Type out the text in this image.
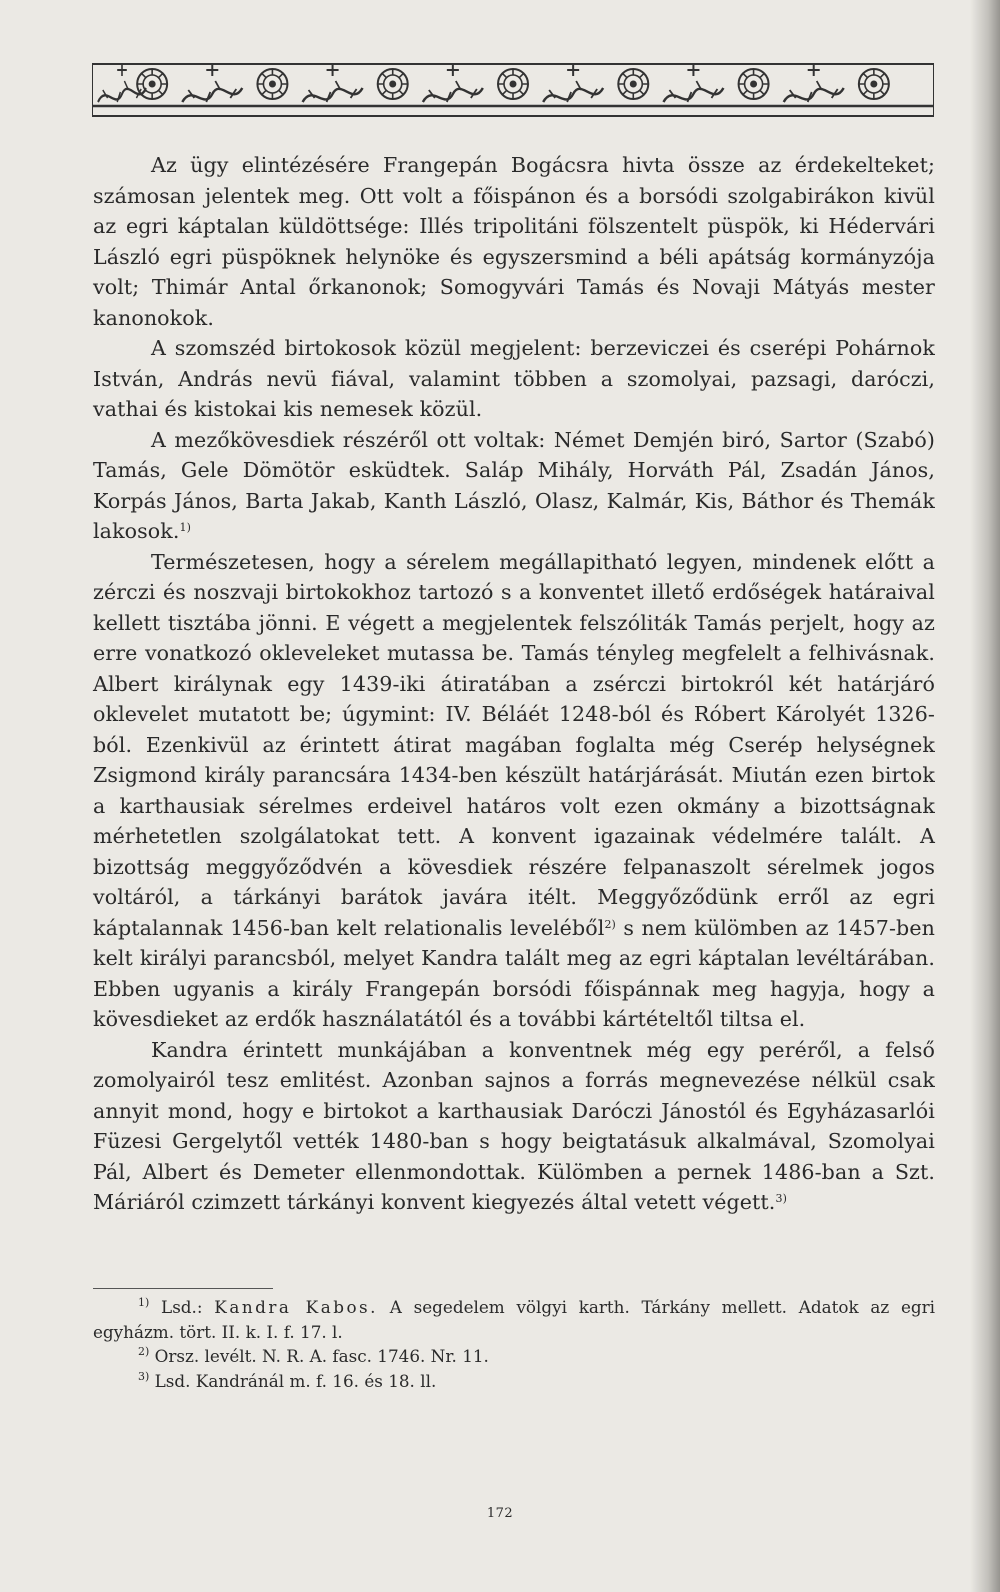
Az ügy elintézésére Frangepán Bogácsra hivta össze az érdekelteket; számosan jelentek meg. Ott volt a főispánon és a borsódi szolgabirákon kivül az egri káptalan küldöttsége: Illés tripolitáni fölszentelt püspök, ki Hédervári László egri püspöknek helynöke és egyszersmind a béli apátság kormányzója volt; Thimár Antal őrkanonok; Somogyvári Tamás és Novaji Mátyás mester kanonokok.

A szomszéd birtokosok közül megjelent: berzeviczei és cserépi Pohárnok István, András nevü fiával, valamint többen a szomolyai, pazsagi, daróczi, vathai és kistokai kis nemesek közül.

A mezőkövesdiek részéről ott voltak: Német Demjén biró, Sartor (Szabó) Tamás, Gele Dömötör esküdtek. Saláp Mihály, Horváth Pál, Zsadán János, Korpás János, Barta Jakab, Kanth László, Olasz, Kalmár, Kis, Báthor és Themák lakosok.$^{1)}$

Természetesen, hogy a sérelem megállapitható legyen, mindenek előtt a zérczi és noszvaji birtokokhoz tartozó s a konventet illető erdőségek határaival kellett tisztába jönni. E végett a megjelentek felszóliták Tamás perjelt, hogy az erre vonatkozó okleveleket mutassa be. Tamás tényleg megfelelt a felhivásnak. Albert királynak egy 1439-iki átiratában a zsérczi birtokról két határjáró oklevelet mutatott be; úgymint: IV. Béláét 1248-ból és Róbert Károlyét 1326-ból. Ezenkivül az érintett átirat magában foglalta még Cserép helységnek Zsigmond király parancsára 1434-ben készült határjárását. Miután ezen birtok a karthausiak sérelmes erdeivel határos volt ezen okmány a bizottságnak mérhetetlen szolgálatokat tett. A konvent igazainak védelmére talált. A bizottság meggyőződvén a kövesdiek részére felpanaszolt sérelmek jogos voltáról, a tárkányi barátok javára itélt. Meggyőződünk erről az egri káptalannak 1456-ban kelt relationalis leveléből$^{2)}$ s nem külömben az 1457-ben kelt királyi parancsból, melyet Kandra talált meg az egri káptalan levéltárában. Ebben ugyanis a király Frangepán borsódi főispánnak meg hagyja, hogy a kövesdieket az erdők használatától és a további kártételtől tiltsa el.

Kandra érintett munkájában a konventnek még egy peréről, a felső zomolyairól tesz emlitést. Azonban sajnos a forrás megnevezése nélkül csak annyit mond, hogy e birtokot a karthausiak Daróczi Jánostól és Egyházasarlói Füzesi Gergelytől vették 1480-ban s hogy beigtatásuk alkalmával, Szomolyai Pál, Albert és Demeter ellenmondottak. Külömben a pernek 1486-ban a Szt. Máriáról czimzett tárkányi konvent kiegyezés által vetett végett.$^{3)}$

$^{1)}$ Lsd.: Kandra Kabos. A segedelem völgyi karth. Tárkány mellett. Adatok az egri egyházm. tört. II. k. I. f. 17. l.

$^{2)}$ Orsz. levélt. N. R. A. fasc. 1746. Nr. 11.

$^{3)}$ Lsd. Kandránál m. f. 16. és 18. ll.

172
